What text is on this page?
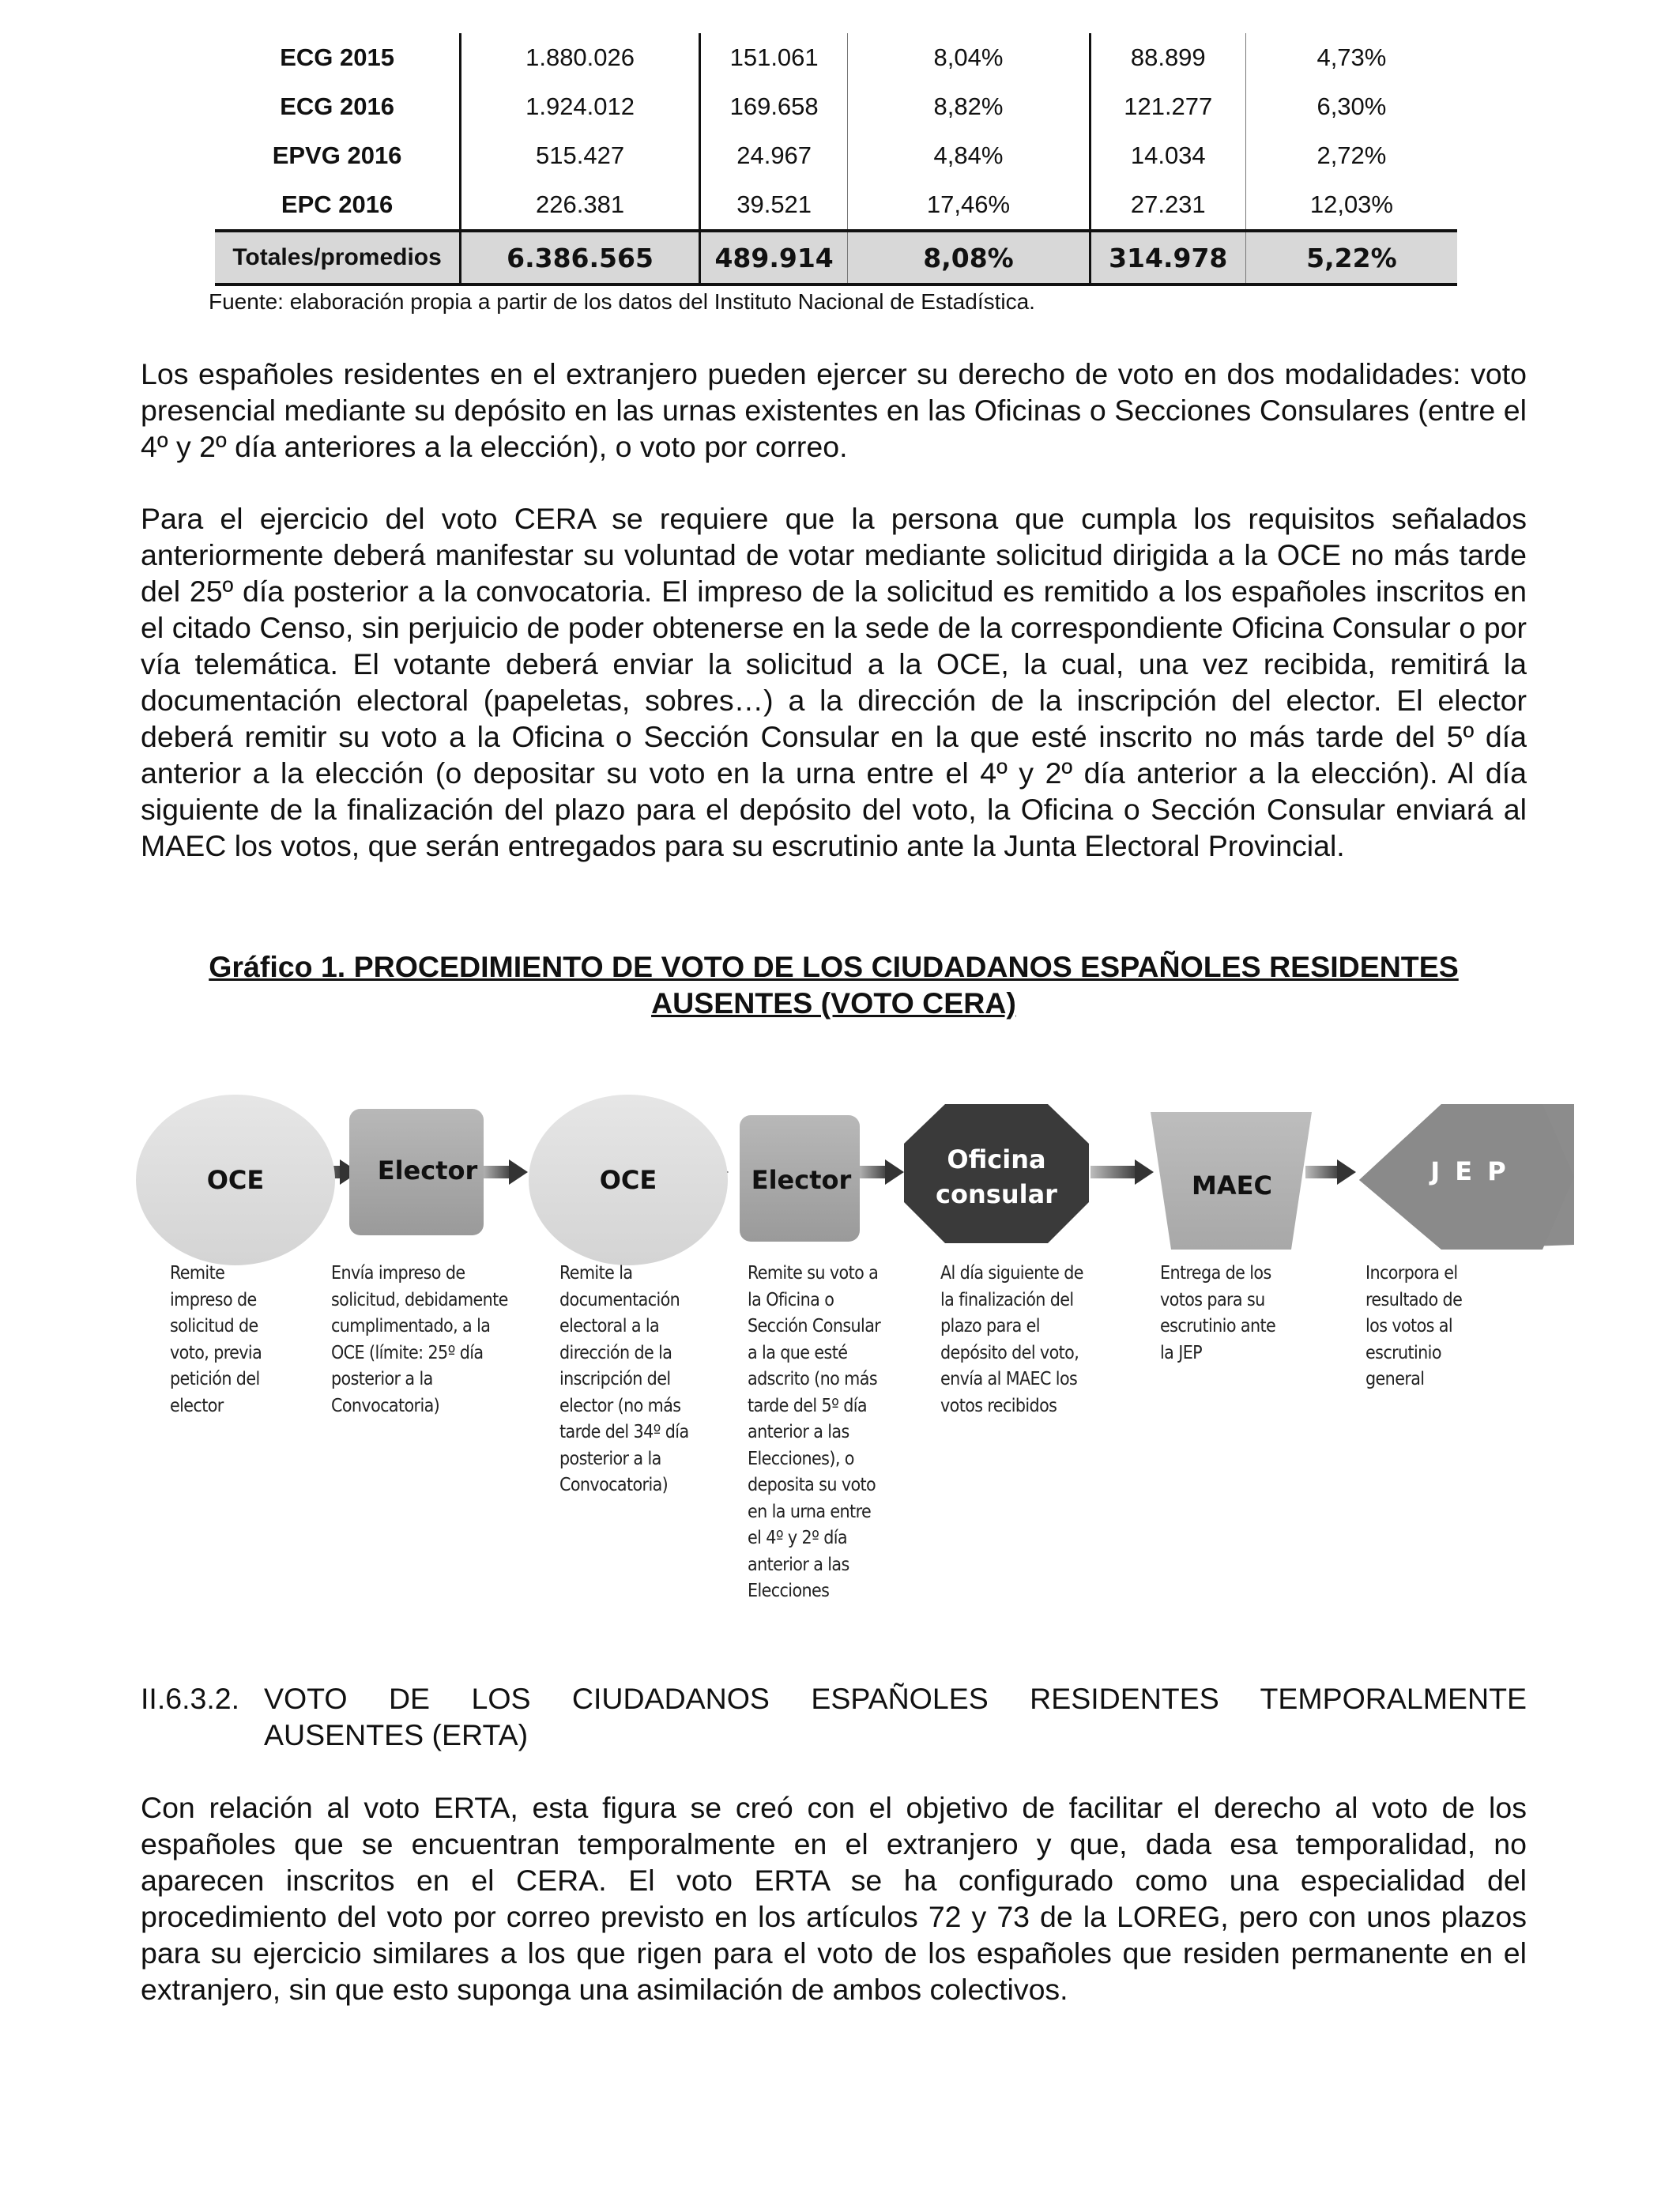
ECG 2015	1.880.026	151.061	8,04%	88.899	4,73%
ECG 2016	1.924.012	169.658	8,82%	121.277	6,30%
EPVG 2016	515.427	24.967	4,84%	14.034	2,72%
EPC 2016	226.381	39.521	17,46%	27.231	12,03%
Totales/promedios	6.386.565	489.914	8,08%	314.978	5,22%
Fuente: elaboración propia a partir de los datos del Instituto Nacional de Estadística.

Los españoles residentes en el extranjero pueden ejercer su derecho de voto en dos modalidades: voto presencial mediante su depósito en las urnas existentes en las Oficinas o Secciones Consulares (entre el 4º y 2º día anteriores a la elección), o voto por correo.

Para el ejercicio del voto CERA se requiere que la persona que cumpla los requisitos señalados anteriormente deberá manifestar su voluntad de votar mediante solicitud dirigida a la OCE no más tarde del 25º día posterior a la convocatoria. El impreso de la solicitud es remitido a los españoles inscritos en el citado Censo, sin perjuicio de poder obtenerse en la sede de la correspondiente Oficina Consular o por vía telemática. El votante deberá enviar la solicitud a la OCE, la cual, una vez recibida, remitirá la documentación electoral (papeletas, sobres…) a la dirección de la inscripción del elector. El elector deberá remitir su voto a la Oficina o Sección Consular en la que esté inscrito no más tarde del 5º día anterior a la elección (o depositar su voto en la urna entre el 4º y 2º día anterior a la elección). Al día siguiente de la finalización del plazo para el depósito del voto, la Oficina o Sección Consular enviará al MAEC los votos, que serán entregados para su escrutinio ante la Junta Electoral Provincial.

Gráfico 1. PROCEDIMIENTO DE VOTO DE LOS CIUDADANOS ESPAÑOLES RESIDENTES AUSENTES (VOTO CERA)

OCE	Elector	OCE	Elector
Oficina
consular	MAEC	J E P

Remite
impreso de
solicitud de
voto, previa
petición del
elector

Envía impreso de
solicitud, debidamente
cumplimentado, a la
OCE (límite: 25º día
posterior a la
Convocatoria)

Remite la
documentación
electoral a la
dirección de la
inscripción del
elector (no más
tarde del 34º día
posterior a la
Convocatoria)

Remite su voto a
la Oficina o
Sección Consular
a la que esté
adscrito (no más
tarde del 5º día
anterior a las
Elecciones), o
deposita su voto
en la urna entre
el 4º y 2º día
anterior a las
Elecciones

Al día siguiente de
la finalización del
plazo para el
depósito del voto,
envía al MAEC los
votos recibidos

Entrega de los
votos para su
escrutinio ante
la JEP

Incorpora el
resultado de
los votos al
escrutinio
general

II.6.3.2. VOTO DE LOS CIUDADANOS ESPAÑOLES RESIDENTES TEMPORALMENTE

AUSENTES (ERTA)

Con relación al voto ERTA, esta figura se creó con el objetivo de facilitar el derecho al voto de los españoles que se encuentran temporalmente en el extranjero y que, dada esa temporalidad, no aparecen inscritos en el CERA. El voto ERTA se ha configurado como una especialidad del procedimiento del voto por correo previsto en los artículos 72 y 73 de la LOREG, pero con unos plazos para su ejercicio similares a los que rigen para el voto de los españoles que residen permanente en el extranjero, sin que esto suponga una asimilación de ambos colectivos.
